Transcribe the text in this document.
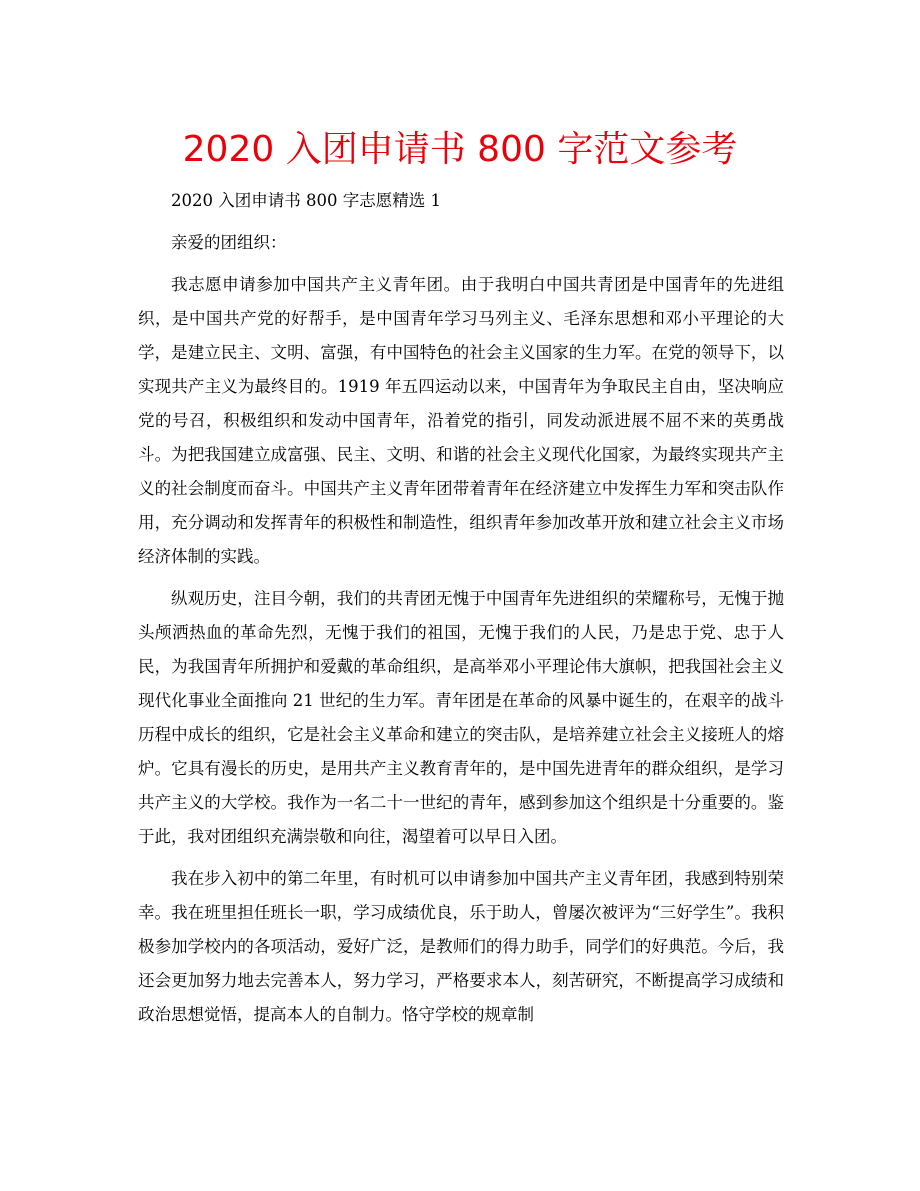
2020 入团申请书 800 字范文参考

2020 入团申请书 800 字志愿精选 1

亲爱的团组织：

我志愿申请参加中国共产主义青年团。由于我明白中国共青团是中国青年的先进组织，是中国共产党的好帮手，是中国青年学习马列主义、毛泽东思想和邓小平理论的大学，是建立民主、文明、富强，有中国特色的社会主义国家的生力军。在党的领导下，以实现共产主义为最终目的。1919 年五四运动以来，中国青年为争取民主自由，坚决响应党的号召，积极组织和发动中国青年，沿着党的指引，同发动派进展不屈不来的英勇战斗。为把我国建立成富强、民主、文明、和谐的社会主义现代化国家，为最终实现共产主义的社会制度而奋斗。中国共产主义青年团带着青年在经济建立中发挥生力军和突击队作用，充分调动和发挥青年的积极性和制造性，组织青年参加改革开放和建立社会主义市场经济体制的实践。

纵观历史，注目今朝，我们的共青团无愧于中国青年先进组织的荣耀称号，无愧于抛头颅洒热血的革命先烈，无愧于我们的祖国，无愧于我们的人民，乃是忠于党、忠于人民，为我国青年所拥护和爱戴的革命组织，是高举邓小平理论伟大旗帜，把我国社会主义现代化事业全面推向 21 世纪的生力军。青年团是在革命的风暴中诞生的，在艰辛的战斗历程中成长的组织，它是社会主义革命和建立的突击队，是培养建立社会主义接班人的熔炉。它具有漫长的历史，是用共产主义教育青年的，是中国先进青年的群众组织，是学习共产主义的大学校。我作为一名二十一世纪的青年，感到参加这个组织是十分重要的。鉴于此，我对团组织充满崇敬和向往，渴望着可以早日入团。

我在步入初中的第二年里，有时机可以申请参加中国共产主义青年团，我感到特别荣幸。我在班里担任班长一职，学习成绩优良，乐于助人，曾屡次被评为“三好学生”。我积极参加学校内的各项活动，爱好广泛，是教师们的得力助手，同学们的好典范。今后，我还会更加努力地去完善本人，努力学习，严格要求本人，刻苦研究，不断提高学习成绩和政治思想觉悟，提高本人的自制力。恪守学校的规章制
